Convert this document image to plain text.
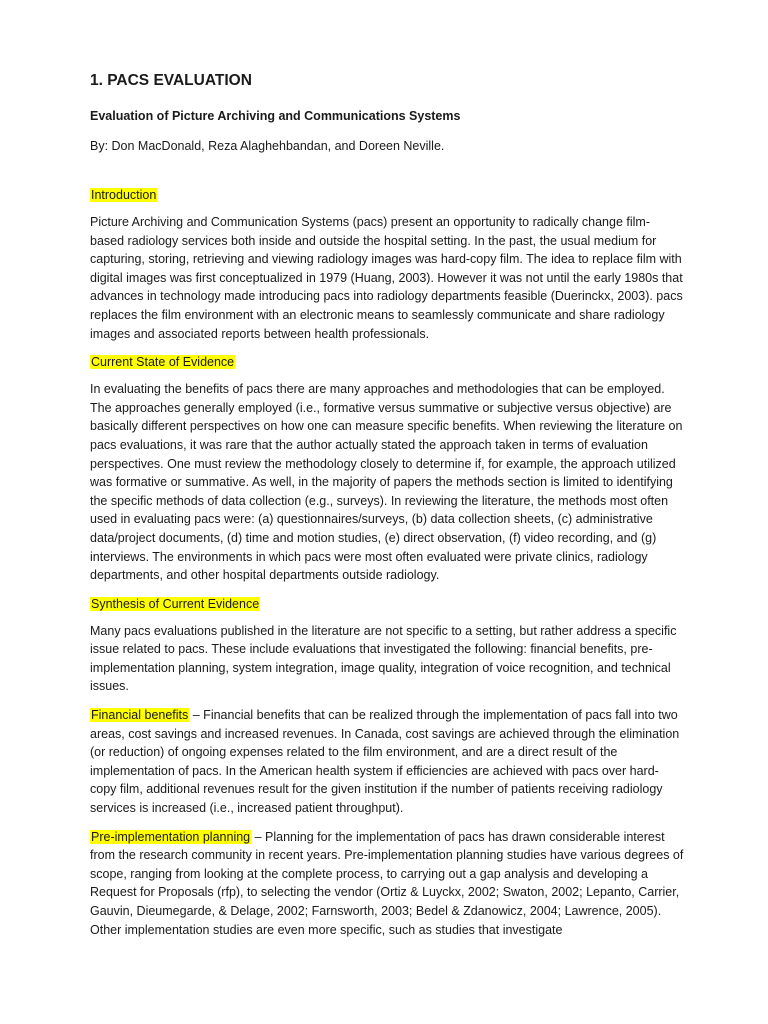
1. PACS EVALUATION
Evaluation of Picture Archiving and Communications Systems
By: Don MacDonald, Reza Alaghehbandan, and Doreen Neville.
Introduction

Picture Archiving and Communication Systems (pacs) present an opportunity to radically change film-based radiology services both inside and outside the hospital setting. In the past, the usual medium for capturing, storing, retrieving and viewing radiology images was hard-copy film. The idea to replace film with digital images was first conceptualized in 1979 (Huang, 2003). However it was not until the early 1980s that advances in technology made introducing pacs into radiology departments feasible (Duerinckx, 2003). pacs replaces the film environment with an electronic means to seamlessly communicate and share radiology images and associated reports between health professionals.

Current State of Evidence

In evaluating the benefits of pacs there are many approaches and methodologies that can be employed. The approaches generally employed (i.e., formative versus summative or subjective versus objective) are basically different perspectives on how one can measure specific benefits. When reviewing the literature on pacs evaluations, it was rare that the author actually stated the approach taken in terms of evaluation perspectives. One must review the methodology closely to determine if, for example, the approach utilized was formative or summative. As well, in the majority of papers the methods section is limited to identifying the specific methods of data collection (e.g., surveys). In reviewing the literature, the methods most often used in evaluating pacs were: (a) questionnaires/surveys, (b) data collection sheets, (c) administrative data/project documents, (d) time and motion studies, (e) direct observation, (f) video recording, and (g) interviews. The environments in which pacs were most often evaluated were private clinics, radiology departments, and other hospital departments outside radiology.

Synthesis of Current Evidence

Many pacs evaluations published in the literature are not specific to a setting, but rather address a specific issue related to pacs. These include evaluations that investigated the following: financial benefits, pre-implementation planning, system integration, image quality, integration of voice recognition, and technical issues.

Financial benefits – Financial benefits that can be realized through the implementation of pacs fall into two areas, cost savings and increased revenues. In Canada, cost savings are achieved through the elimination (or reduction) of ongoing expenses related to the film environment, and are a direct result of the implementation of pacs. In the American health system if efficiencies are achieved with pacs over hard-copy film, additional revenues result for the given institution if the number of patients receiving radiology services is increased (i.e., increased patient throughput).

Pre-implementation planning – Planning for the implementation of pacs has drawn considerable interest from the research community in recent years. Pre-implementation planning studies have various degrees of scope, ranging from looking at the complete process, to carrying out a gap analysis and developing a Request for Proposals (rfp), to selecting the vendor (Ortiz & Luyckx, 2002; Swaton, 2002; Lepanto, Carrier, Gauvin, Dieumegarde, & Delage, 2002; Farnsworth, 2003; Bedel & Zdanowicz, 2004; Lawrence, 2005). Other implementation studies are even more specific, such as studies that investigate
